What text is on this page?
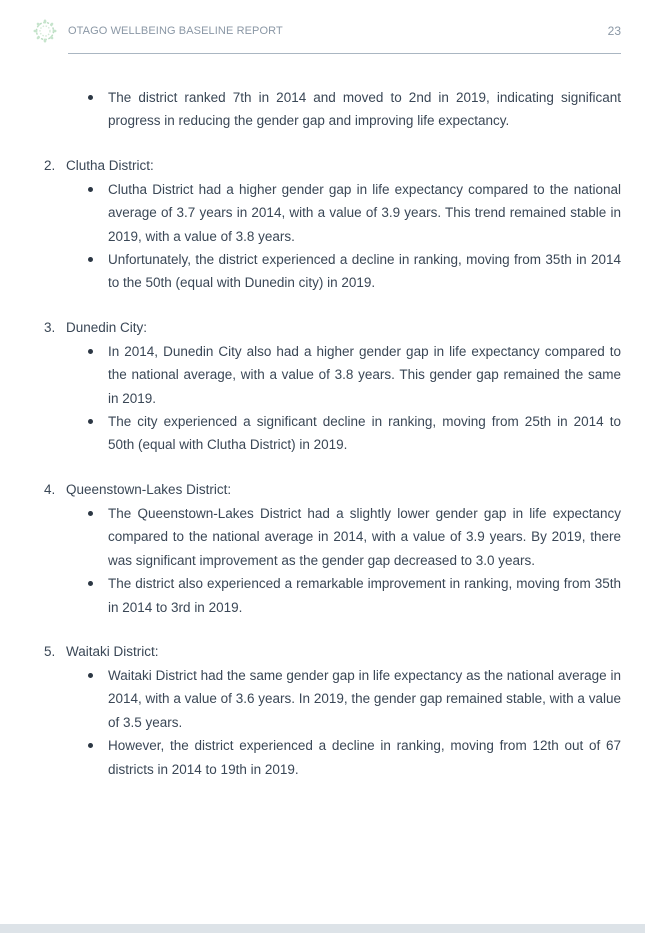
OTAGO WELLBEING BASELINE REPORT	23
The district ranked 7th in 2014 and moved to 2nd in 2019, indicating significant progress in reducing the gender gap and improving life expectancy.
2. Clutha District:
Clutha District had a higher gender gap in life expectancy compared to the national average of 3.7 years in 2014, with a value of 3.9 years. This trend remained stable in 2019, with a value of 3.8 years.
Unfortunately, the district experienced a decline in ranking, moving from 35th in 2014 to the 50th (equal with Dunedin city) in 2019.
3. Dunedin City:
In 2014, Dunedin City also had a higher gender gap in life expectancy compared to the national average, with a value of 3.8 years. This gender gap remained the same in 2019.
The city experienced a significant decline in ranking, moving from 25th in 2014 to 50th (equal with Clutha District) in 2019.
4. Queenstown-Lakes District:
The Queenstown-Lakes District had a slightly lower gender gap in life expectancy compared to the national average in 2014, with a value of 3.9 years. By 2019, there was significant improvement as the gender gap decreased to 3.0 years.
The district also experienced a remarkable improvement in ranking, moving from 35th in 2014 to 3rd in 2019.
5. Waitaki District:
Waitaki District had the same gender gap in life expectancy as the national average in 2014, with a value of 3.6 years. In 2019, the gender gap remained stable, with a value of 3.5 years.
However, the district experienced a decline in ranking, moving from 12th out of 67 districts in 2014 to 19th in 2019.
